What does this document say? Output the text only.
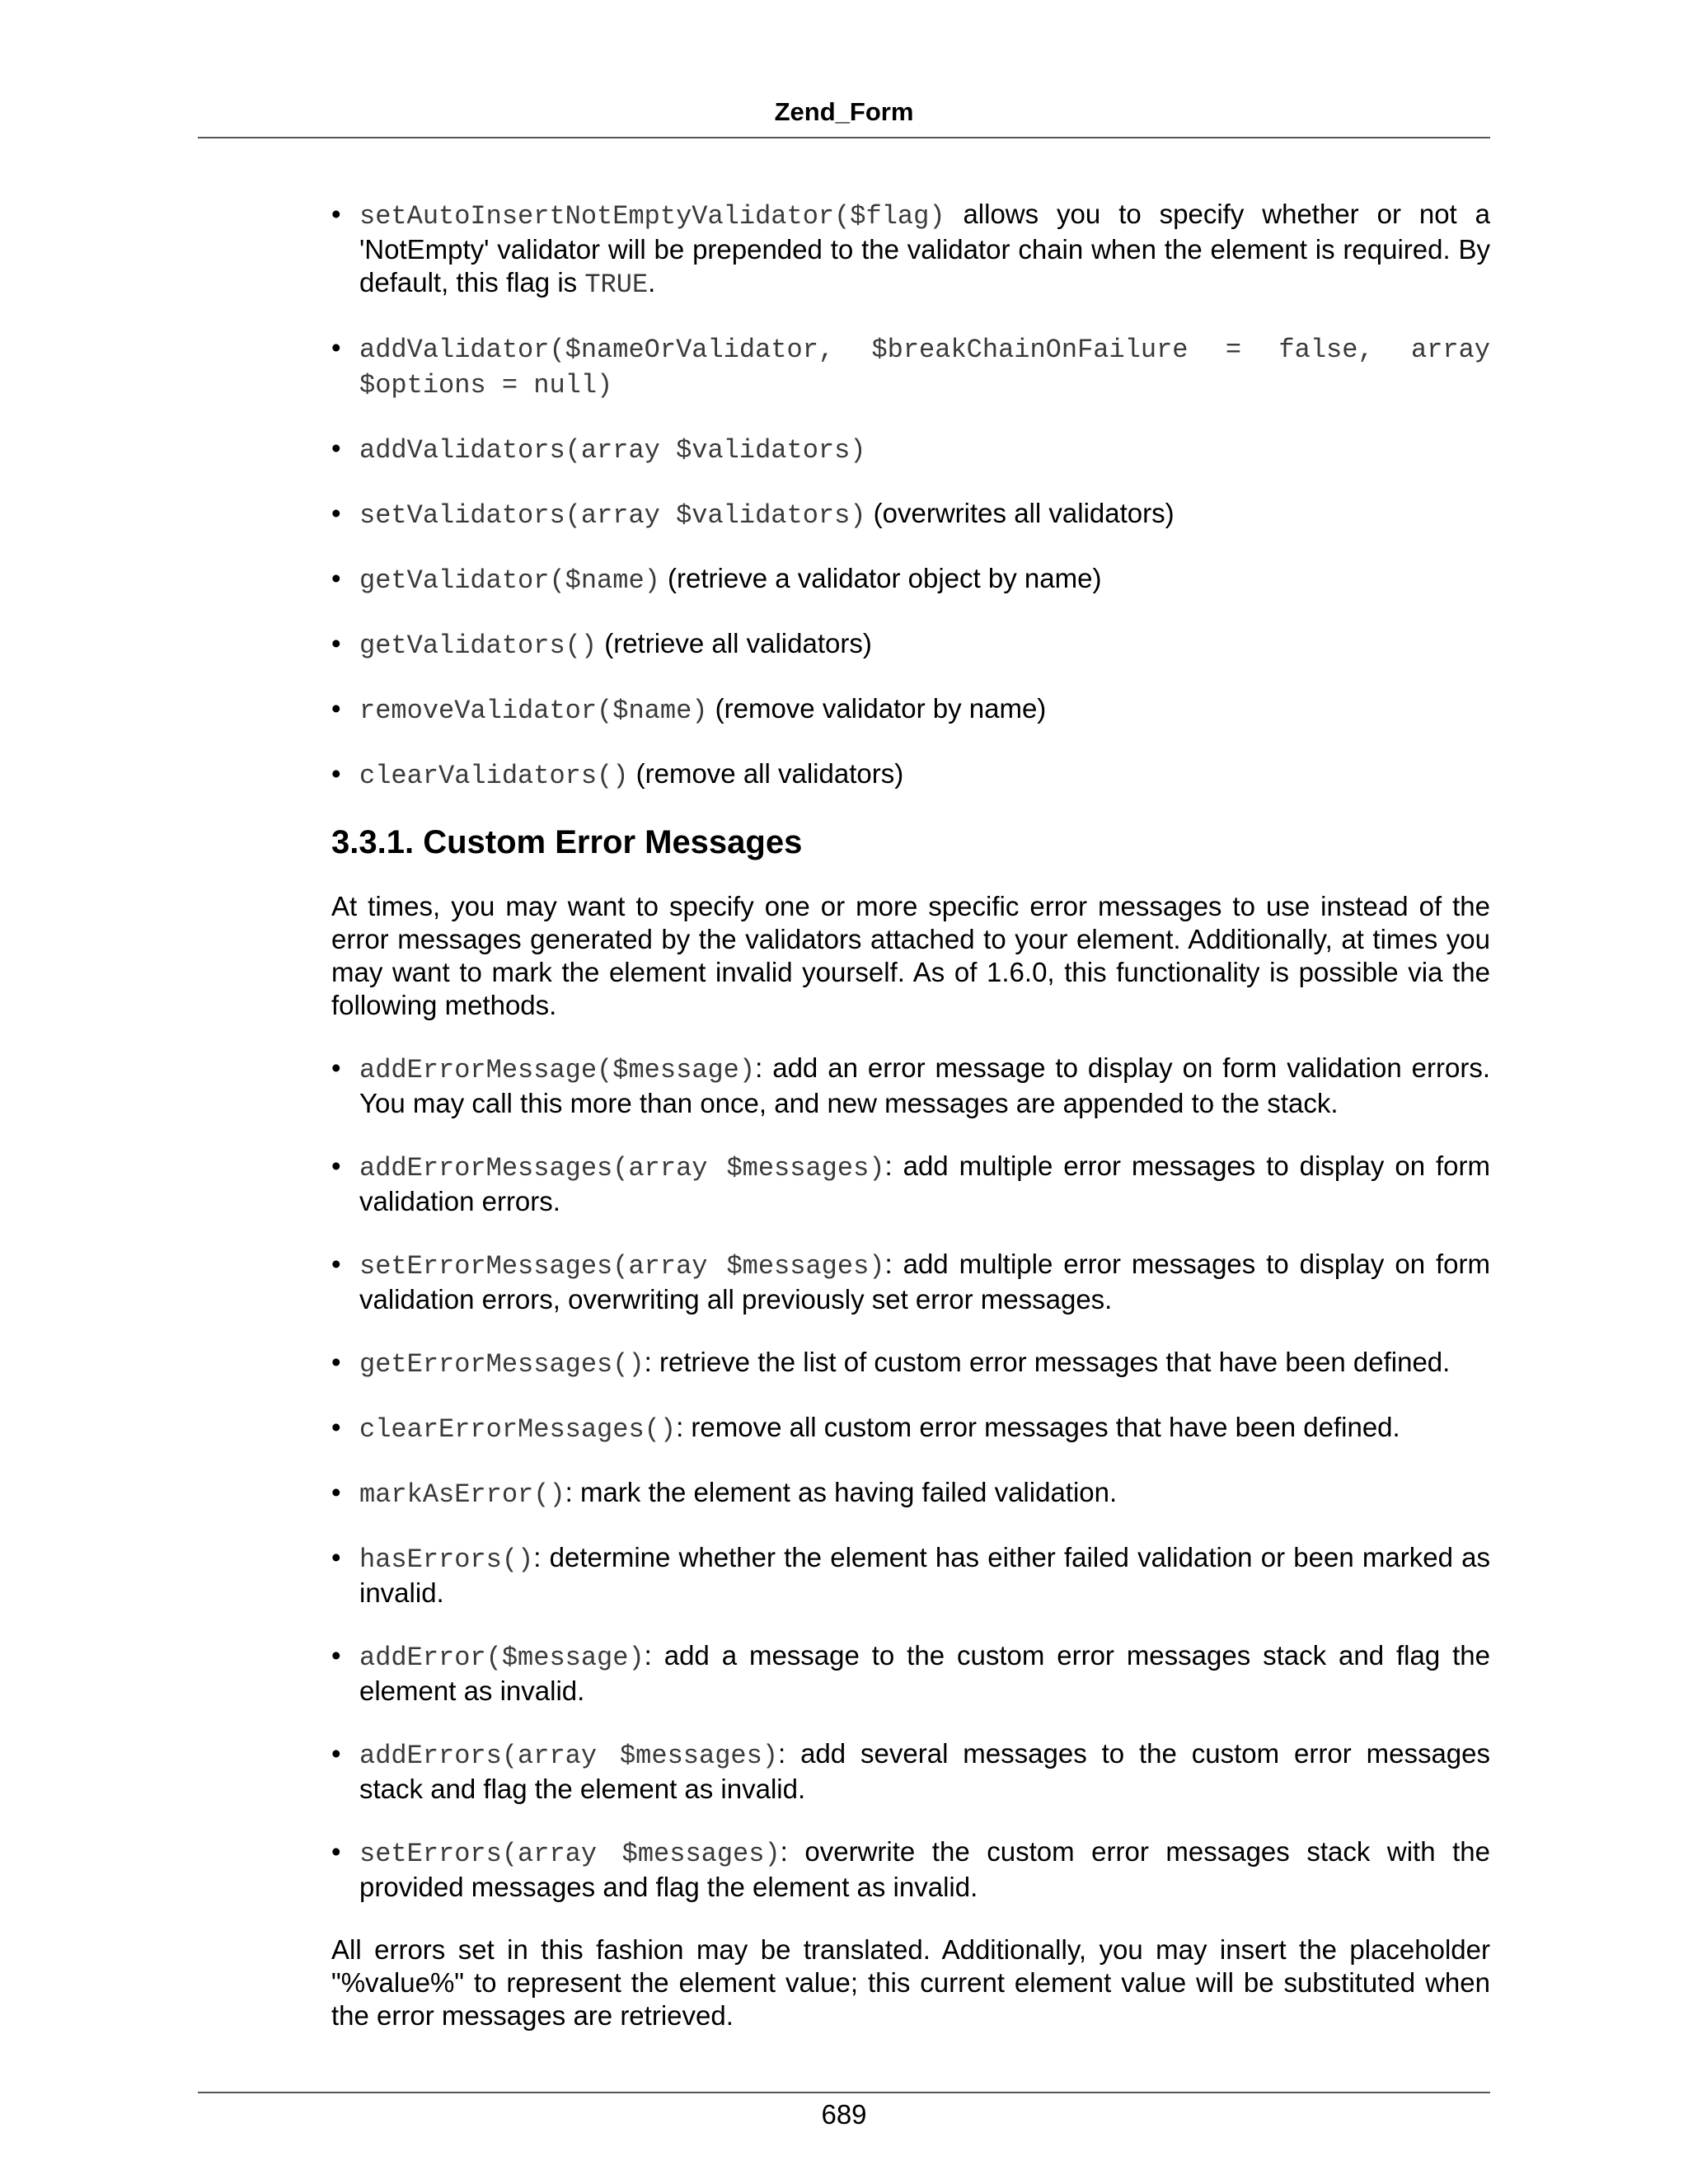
Zend_Form
• setAutoInsertNotEmptyValidator($flag) allows you to specify whether or not a 'NotEmpty' validator will be prepended to the validator chain when the element is required. By default, this flag is TRUE.
• addValidator($nameOrValidator, $breakChainOnFailure = false, array $options = null)
• addValidators(array $validators)
• setValidators(array $validators) (overwrites all validators)
• getValidator($name) (retrieve a validator object by name)
• getValidators() (retrieve all validators)
• removeValidator($name) (remove validator by name)
• clearValidators() (remove all validators)
3.3.1. Custom Error Messages

At times, you may want to specify one or more specific error messages to use instead of the error messages generated by the validators attached to your element. Additionally, at times you may want to mark the element invalid yourself. As of 1.6.0, this functionality is possible via the following methods.

• addErrorMessage($message): add an error message to display on form validation errors. You may call this more than once, and new messages are appended to the stack.
• addErrorMessages(array $messages): add multiple error messages to display on form validation errors.
• setErrorMessages(array $messages): add multiple error messages to display on form validation errors, overwriting all previously set error messages.
• getErrorMessages(): retrieve the list of custom error messages that have been defined.
• clearErrorMessages(): remove all custom error messages that have been defined.
• markAsError(): mark the element as having failed validation.
• hasErrors(): determine whether the element has either failed validation or been marked as invalid.
• addError($message): add a message to the custom error messages stack and flag the element as invalid.
• addErrors(array $messages): add several messages to the custom error messages stack and flag the element as invalid.
• setErrors(array $messages): overwrite the custom error messages stack with the provided messages and flag the element as invalid.

All errors set in this fashion may be translated. Additionally, you may insert the placeholder "%value%" to represent the element value; this current element value will be substituted when the error messages are retrieved.

689
